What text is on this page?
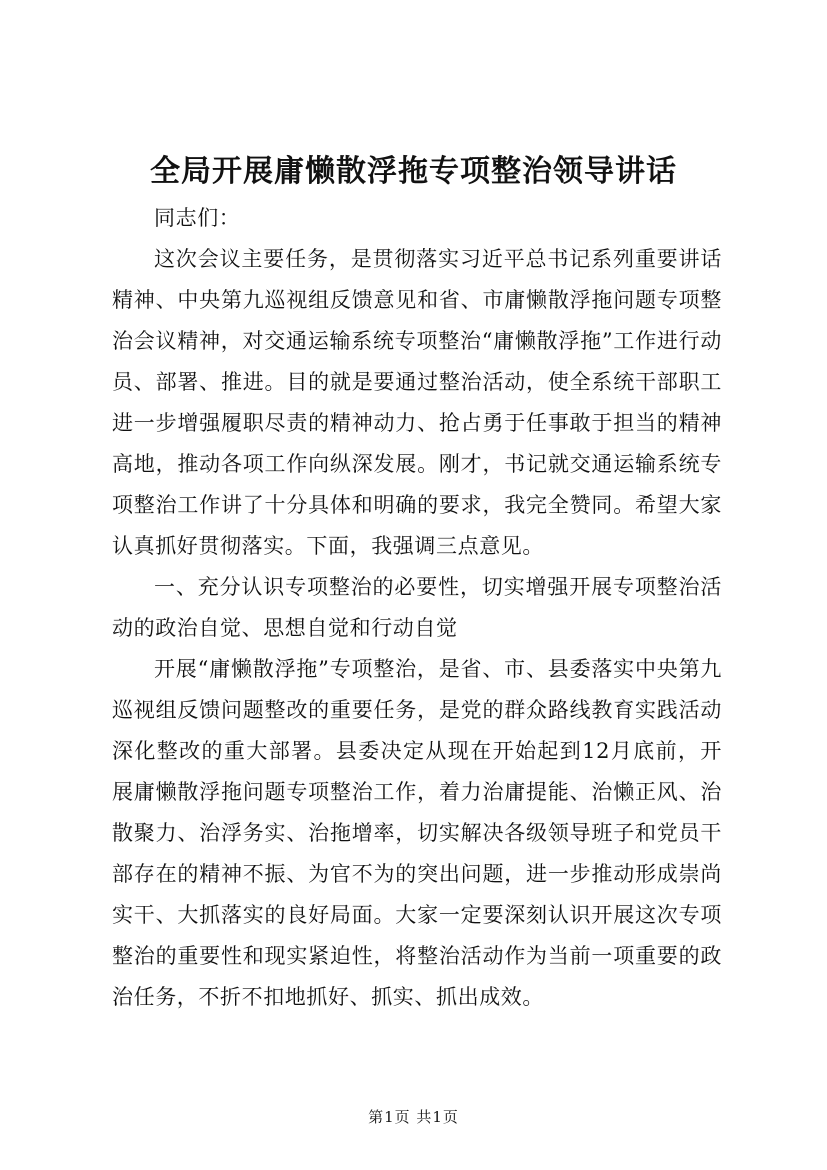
全局开展庸懒散浮拖专项整治领导讲话

同志们：

这次会议主要任务，是贯彻落实习近平总书记系列重要讲话精神、中央第九巡视组反馈意见和省、市庸懒散浮拖问题专项整治会议精神，对交通运输系统专项整治“庸懒散浮拖”工作进行动员、部署、推进。目的就是要通过整治活动，使全系统干部职工进一步增强履职尽责的精神动力、抢占勇于任事敢于担当的精神高地，推动各项工作向纵深发展。刚才，书记就交通运输系统专项整治工作讲了十分具体和明确的要求，我完全赞同。希望大家认真抓好贯彻落实。下面，我强调三点意见。

一、充分认识专项整治的必要性，切实增强开展专项整治活动的政治自觉、思想自觉和行动自觉

开展“庸懒散浮拖”专项整治，是省、市、县委落实中央第九巡视组反馈问题整改的重要任务，是党的群众路线教育实践活动深化整改的重大部署。县委决定从现在开始起到12月底前，开展庸懒散浮拖问题专项整治工作，着力治庸提能、治懒正风、治散聚力、治浮务实、治拖增率，切实解决各级领导班子和党员干部存在的精神不振、为官不为的突出问题，进一步推动形成崇尚实干、大抓落实的良好局面。大家一定要深刻认识开展这次专项整治的重要性和现实紧迫性，将整治活动作为当前一项重要的政治任务，不折不扣地抓好、抓实、抓出成效。

第1页 共1页
